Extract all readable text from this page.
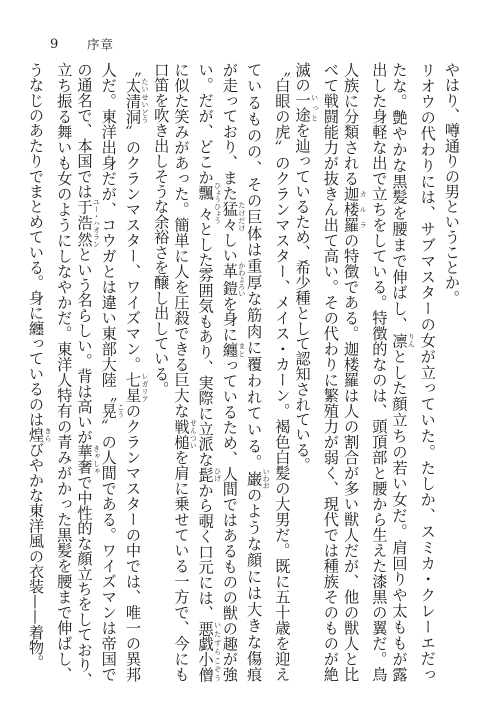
9 序章
やはり、噂通りの男ということか。
リオウの代わりには、サブマスターの女が立っていた。たしか、スミカ・クレーエだっ
たな。艶やかな黒髪を腰まで伸ばし、凛 りんとした顔立ちの若い女だ。肩回りや太ももが露
出した身軽な出で立ちをしている。特徴的なのは、頭頂部と腰から生えた漆黒の翼だ。鳥
人族に分類される迦楼羅 カルラの特徴である。迦楼羅は人の割合が多い獣人だが、他の獣人と比
べて戦闘能力が抜きん出て高い。その代わりに繁殖力が弱く、現代では種族そのものが絶
滅の一途 いっとを辿っているため、希少種として認知されている。
〝白眼の虎〟のクランマスター、メイス・カーン。褐色白髪の大男だ。既に五十歳を迎え
ているものの、その巨体は重厚な筋肉に覆われている。巌 いわおのような顔には大きな傷痕
が走っており、また猛々 たけだけしい革鎧 かわよろいを身に纏 まとっているため、人間ではあるものの獣の趣が強
い。だが、どこか飄々 ひょうひょうとした雰囲気もあり、実際に立派な髭 ひげから覗く口元には、悪戯小僧 いたずらこぞう
に似た笑みがあった。簡単に人を圧殺できる巨大な戦槌 せんついを肩に乗せている一方で、今にも
口笛を吹き出しそうな余裕さを醸し出している。
〝太清洞 たいせいどう〟のクランマスター、ワイズマン。七星 レガリアのクランマスターの中では、唯一の異邦
人だ。東洋出身だが、コウガとは違い東部大陸〝晃 こう〟の人間である。ワイズマンは帝国で
の通名で、本国では于浩然 ユー・ハオランという名らしい。背は高いが華奢 きゃしゃで中性的な顔立ちをしており、
立ち振る舞いも女のようにしなやかだ。東洋人特有の青みがかった黒髪を腰まで伸ばし、
うなじのあたりでまとめている。身に纏っているのは煌 きらびやかな東洋風の衣装——着物。
